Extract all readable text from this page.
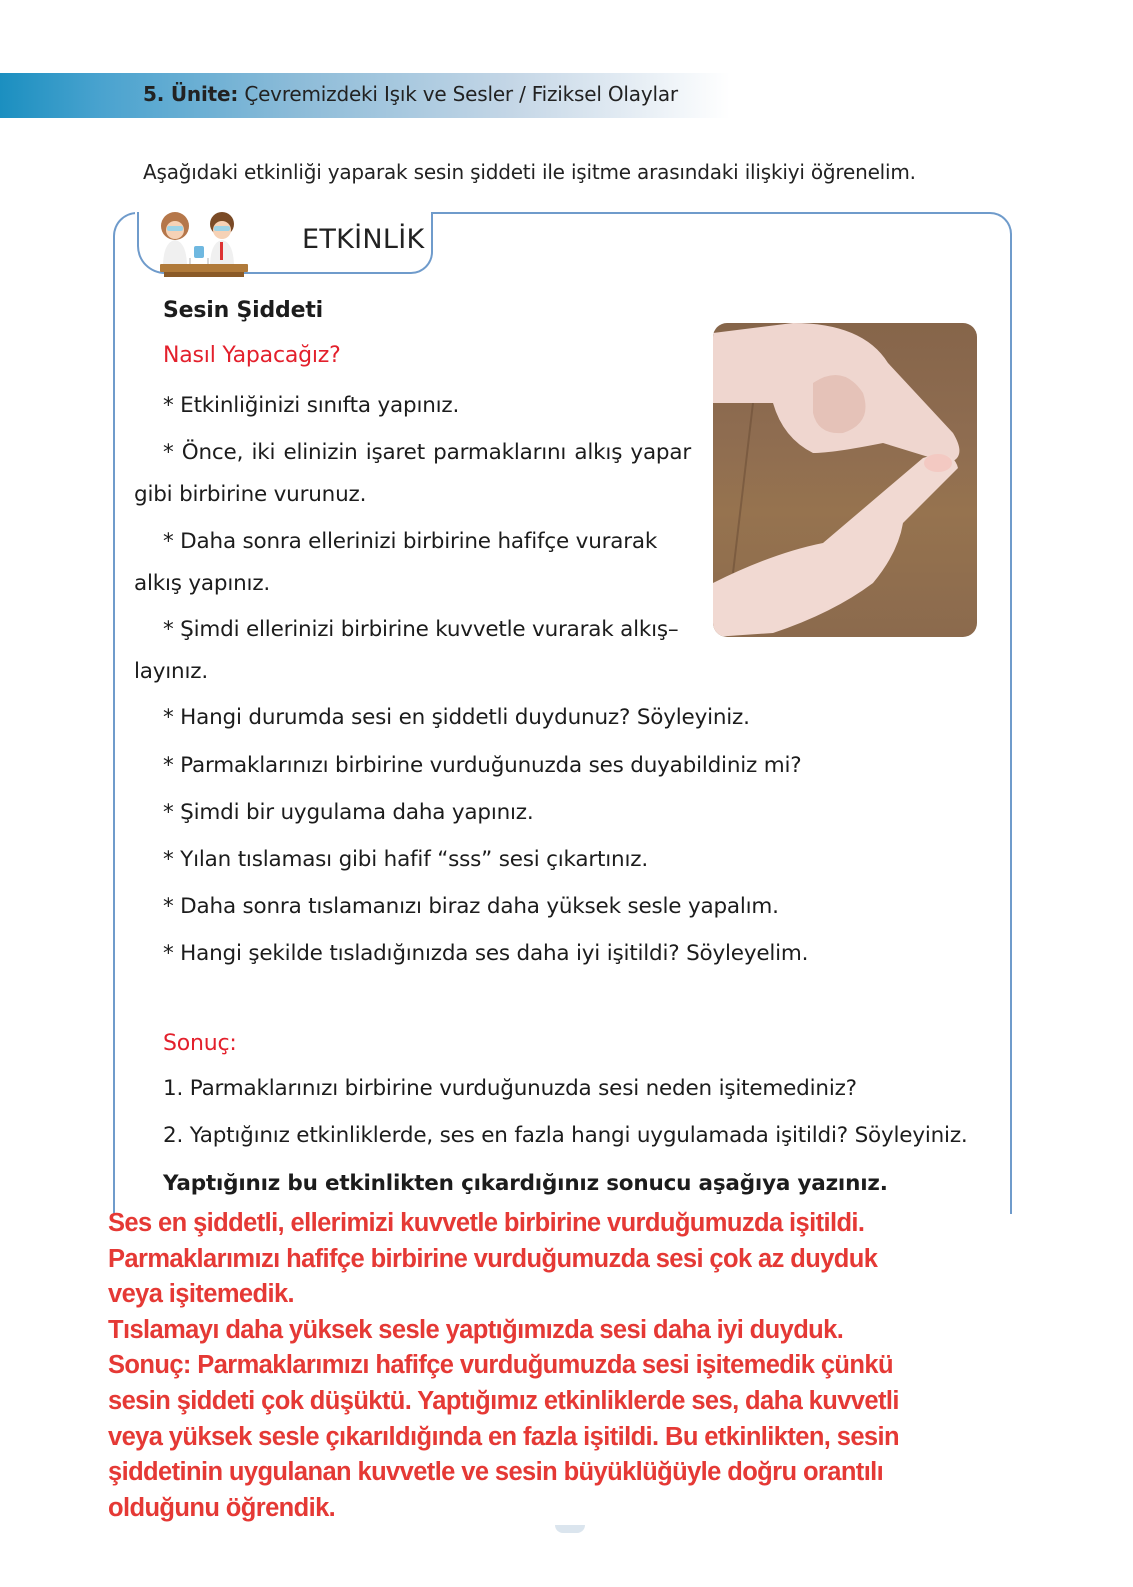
5. Ünite: Çevremizdeki Işık ve Sesler / Fiziksel Olaylar
Aşağıdaki etkinliği yaparak sesin şiddeti ile işitme arasındaki ilişkiyi öğrenelim.
ETKİNLİK
Sesin Şiddeti
Nasıl Yapacağız?
* Etkinliğinizi sınıfta yapınız.
* Önce, iki elinizin işaret parmaklarını alkış yapar
gibi birbirine vurunuz.
* Daha sonra ellerinizi birbirine hafifçe vurarak
alkış yapınız.
* Şimdi ellerinizi birbirine kuvvetle vurarak alkış–
layınız.
* Hangi durumda sesi en şiddetli duydunuz? Söyleyiniz.
* Parmaklarınızı birbirine vurduğunuzda ses duyabildiniz mi?
* Şimdi bir uygulama daha yapınız.
* Yılan tıslaması gibi hafif “sss” sesi çıkartınız.
* Daha sonra tıslamanızı biraz daha yüksek sesle yapalım.
* Hangi şekilde tısladığınızda ses daha iyi işitildi? Söyleyelim.
Sonuç:
1. Parmaklarınızı birbirine vurduğunuzda sesi neden işitemediniz?
2. Yaptığınız etkinliklerde, ses en fazla hangi uygulamada işitildi? Söyleyiniz.
Yaptığınız bu etkinlikten çıkardığınız sonucu aşağıya yazınız.
Ses en şiddetli, ellerimizi kuvvetle birbirine vurduğumuzda işitildi.
Parmaklarımızı hafifçe birbirine vurduğumuzda sesi çok az duyduk
veya işitemedik.
Tıslamayı daha yüksek sesle yaptığımızda sesi daha iyi duyduk.
Sonuç: Parmaklarımızı hafifçe vurduğumuzda sesi işitemedik çünkü
sesin şiddeti çok düşüktü. Yaptığımız etkinliklerde ses, daha kuvvetli
veya yüksek sesle çıkarıldığında en fazla işitildi. Bu etkinlikten, sesin
şiddetinin uygulanan kuvvetle ve sesin büyüklüğüyle doğru orantılı
olduğunu öğrendik.
